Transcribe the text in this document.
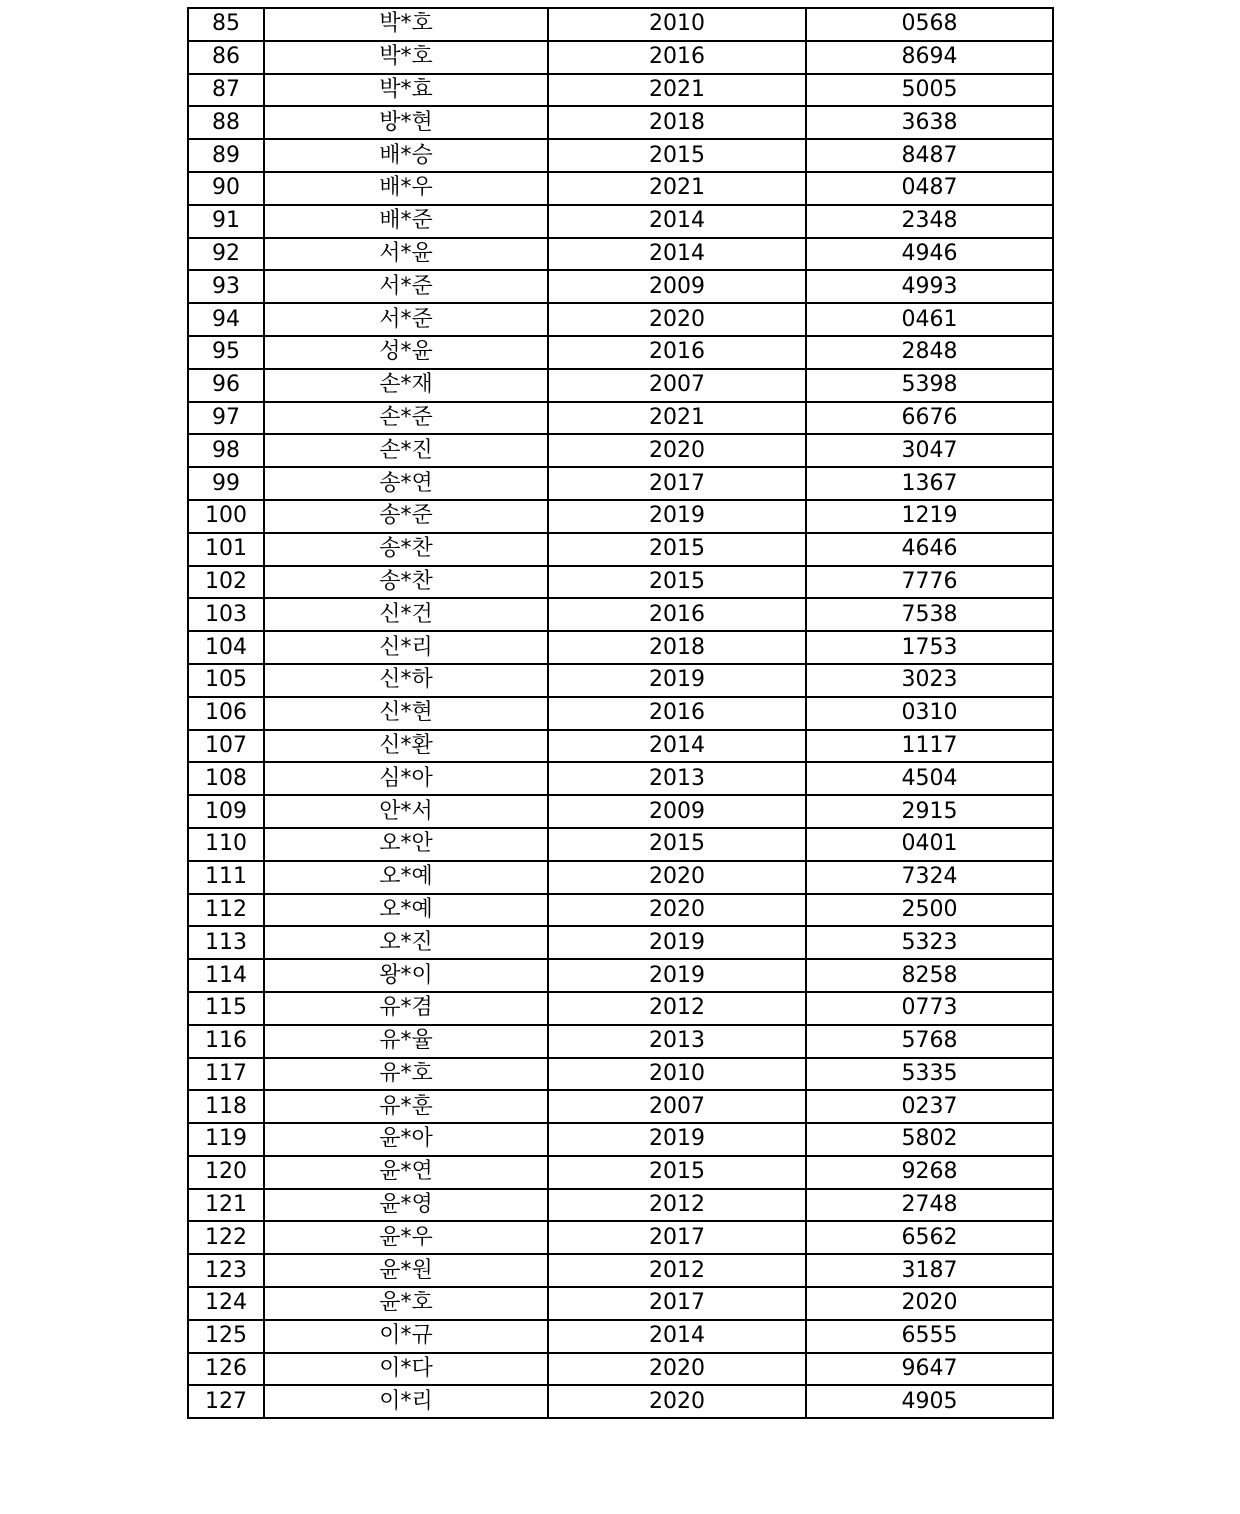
85	박*호	2010	0568
86	박*호	2016	8694
87	박*효	2021	5005
88	방*현	2018	3638
89	배*승	2015	8487
90	배*우	2021	0487
91	배*준	2014	2348
92	서*윤	2014	4946
93	서*준	2009	4993
94	서*준	2020	0461
95	성*윤	2016	2848
96	손*재	2007	5398
97	손*준	2021	6676
98	손*진	2020	3047
99	송*연	2017	1367
100	송*준	2019	1219
101	송*찬	2015	4646
102	송*찬	2015	7776
103	신*건	2016	7538
104	신*리	2018	1753
105	신*하	2019	3023
106	신*현	2016	0310
107	신*환	2014	1117
108	심*아	2013	4504
109	안*서	2009	2915
110	오*안	2015	0401
111	오*예	2020	7324
112	오*예	2020	2500
113	오*진	2019	5323
114	왕*이	2019	8258
115	유*겸	2012	0773
116	유*율	2013	5768
117	유*호	2010	5335
118	유*훈	2007	0237
119	윤*아	2019	5802
120	윤*연	2015	9268
121	윤*영	2012	2748
122	윤*우	2017	6562
123	윤*원	2012	3187
124	윤*호	2017	2020
125	이*규	2014	6555
126	이*다	2020	9647
127	이*리	2020	4905
